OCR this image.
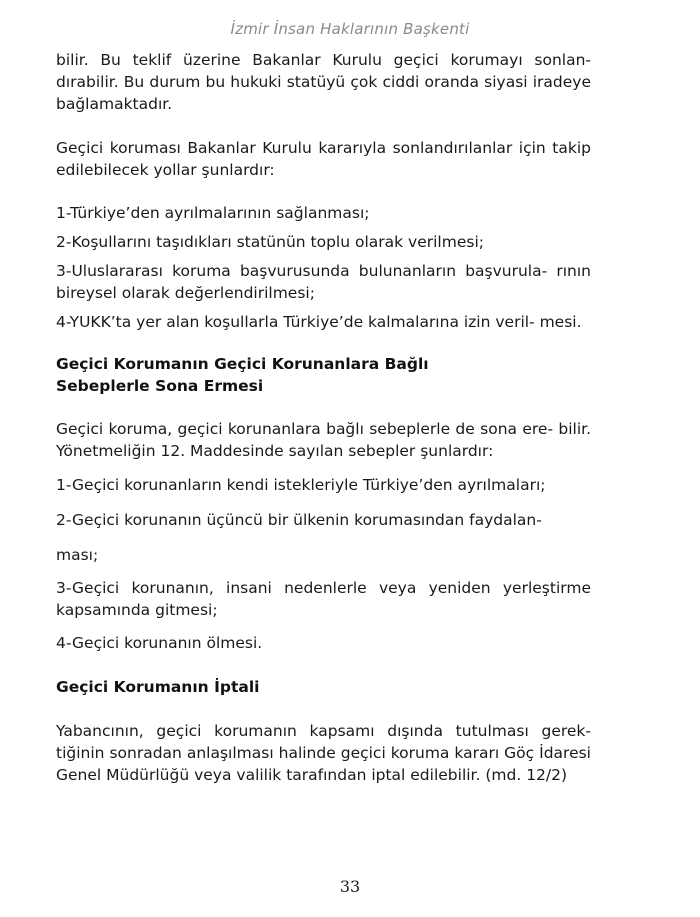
İzmir İnsan Haklarının Başkenti

bilir. Bu teklif üzerine Bakanlar Kurulu geçici korumayı sonlan- dırabilir. Bu durum bu hukuki statüyü çok ciddi oranda siyasi iradeye bağlamaktadır.

Geçici koruması Bakanlar Kurulu kararıyla sonlandırılanlar için takip edilebilecek yollar şunlardır:

1-Türkiye’den ayrılmalarının sağlanması;

2-Koşullarını taşıdıkları statünün toplu olarak verilmesi;

3-Uluslararası koruma başvurusunda bulunanların başvurula- rının bireysel olarak değerlendirilmesi;

4-YUKK’ta yer alan koşullarla Türkiye’de kalmalarına izin veril- mesi.

Geçici Korumanın Geçici Korunanlara Bağlı Sebeplerle Sona Ermesi

Geçici koruma, geçici korunanlara bağlı sebeplerle de sona ere- bilir. Yönetmeliğin 12. Maddesinde sayılan sebepler şunlardır:

1-Geçici korunanların kendi istekleriyle Türkiye’den ayrılmaları;

2-Geçici korunanın üçüncü bir ülkenin korumasından faydalan-

ması;

3-Geçici korunanın, insani nedenlerle veya yeniden yerleştirme kapsamında gitmesi;

4-Geçici korunanın ölmesi.

Geçici Korumanın İptali

Yabancının, geçici korumanın kapsamı dışında tutulması gerek- tiğinin sonradan anlaşılması halinde geçici koruma kararı Göç İdaresi Genel Müdürlüğü veya valilik tarafından iptal edilebilir. (md. 12/2)

33
